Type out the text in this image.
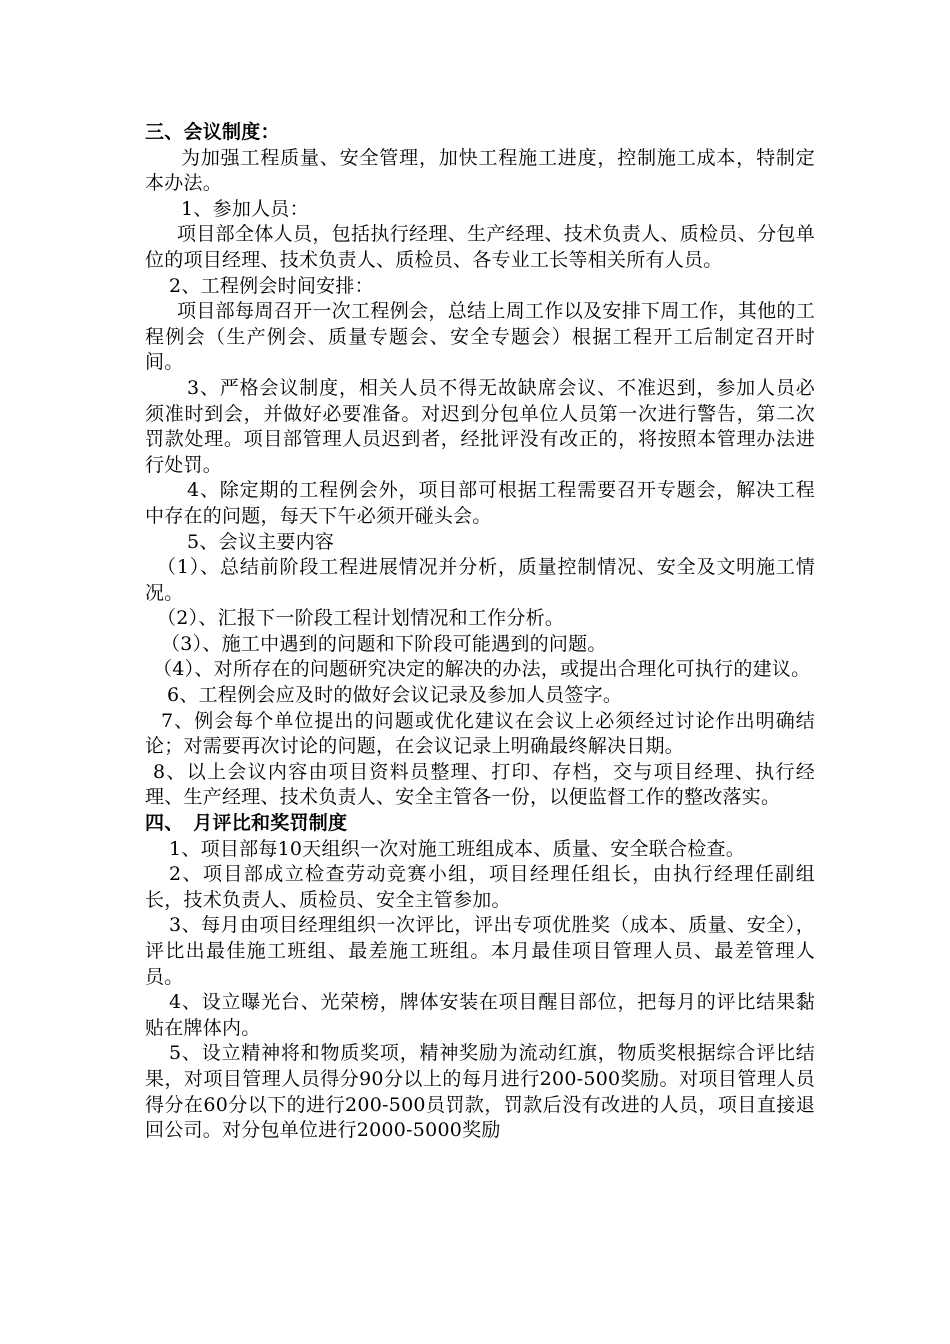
三、会议制度：

为加强工程质量、安全管理，加快工程施工进度，控制施工成本，特制定本办法。

1、参加人员：

项目部全体人员，包括执行经理、生产经理、技术负责人、质检员、分包单位的项目经理、技术负责人、质检员、各专业工长等相关所有人员。

2、工程例会时间安排：

项目部每周召开一次工程例会，总结上周工作以及安排下周工作，其他的工程例会（生产例会、质量专题会、安全专题会）根据工程开工后制定召开时间。

3、严格会议制度，相关人员不得无故缺席会议、不准迟到，参加人员必须准时到会，并做好必要准备。对迟到分包单位人员第一次进行警告，第二次罚款处理。项目部管理人员迟到者，经批评没有改正的，将按照本管理办法进行处罚。

4、除定期的工程例会外，项目部可根据工程需要召开专题会，解决工程中存在的问题，每天下午必须开碰头会。

5、会议主要内容

（1）、总结前阶段工程进展情况并分析，质量控制情况、安全及文明施工情况。

（2）、汇报下一阶段工程计划情况和工作分析。

（3）、施工中遇到的问题和下阶段可能遇到的问题。

（4）、对所存在的问题研究决定的解决的办法，或提出合理化可执行的建议。

6、工程例会应及时的做好会议记录及参加人员签字。

7、例会每个单位提出的问题或优化建议在会议上必须经过讨论作出明确结论；对需要再次讨论的问题，在会议记录上明确最终解决日期。

8、以上会议内容由项目资料员整理、打印、存档，交与项目经理、执行经理、生产经理、技术负责人、安全主管各一份，以便监督工作的整改落实。

四、　月评比和奖罚制度

1、项目部每10天组织一次对施工班组成本、质量、安全联合检查。

2、项目部成立检查劳动竞赛小组，项目经理任组长，由执行经理任副组长，技术负责人、质检员、安全主管参加。

3、每月由项目经理组织一次评比，评出专项优胜奖（成本、质量、安全），评比出最佳施工班组、最差施工班组。本月最佳项目管理人员、最差管理人员。

4、设立曝光台、光荣榜，牌体安装在项目醒目部位，把每月的评比结果黏贴在牌体内。

5、设立精神将和物质奖项，精神奖励为流动红旗，物质奖根据综合评比结果，对项目管理人员得分90分以上的每月进行200-500奖励。对项目管理人员得分在60分以下的进行200-500员罚款，罚款后没有改进的人员，项目直接退回公司。对分包单位进行2000-5000奖励
